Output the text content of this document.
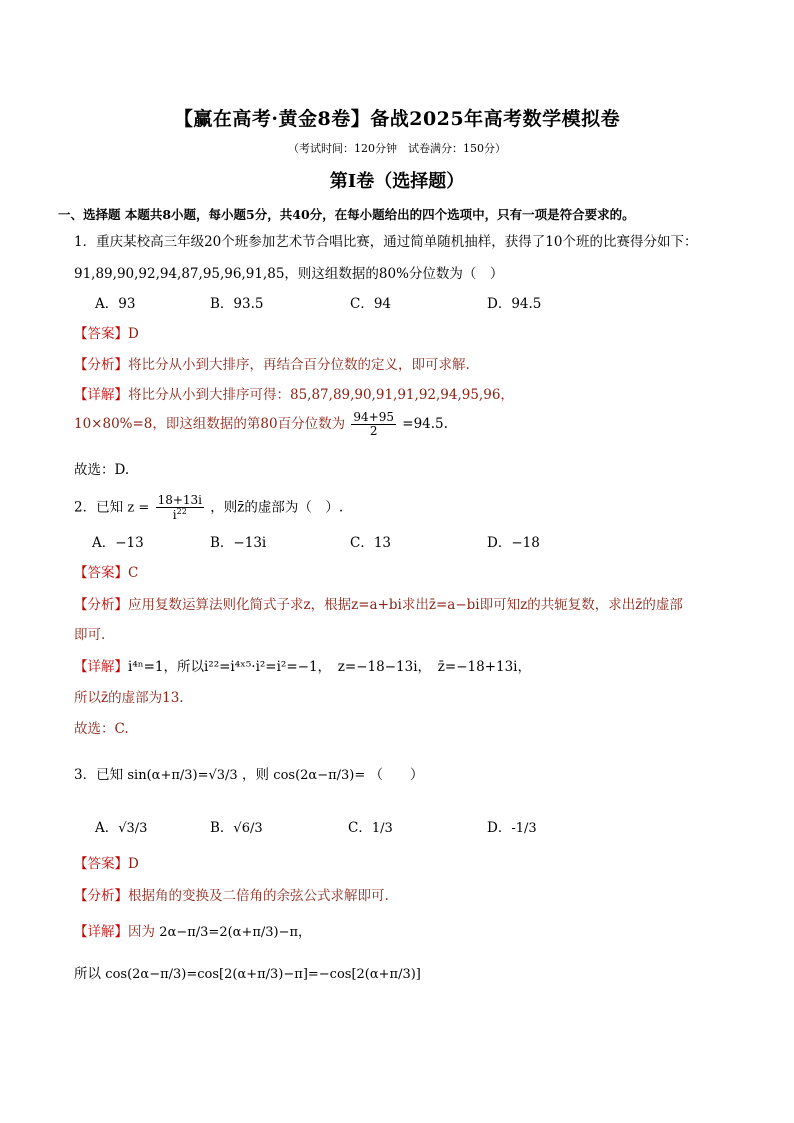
【赢在高考·黄金8卷】备战2025年高考数学模拟卷
（考试时间：120分钟　试卷满分：150分）
第I卷（选择题）
一、选择题 本题共8小题，每小题5分，共40分，在每小题给出的四个选项中，只有一项是符合要求的。
1．重庆某校高三年级20个班参加艺术节合唱比赛，通过简单随机抽样，获得了10个班的比赛得分如下：
91,89,90,92,94,87,95,96,91,85，则这组数据的80%分位数为（　）
A．93	B．93.5	C．94	D．94.5
【答案】D
【分析】将比分从小到大排序，再结合百分位数的定义，即可求解.
【详解】将比分从小到大排序可得：85,87,89,90,91,91,92,94,95,96，
10×80%=8，即这组数据的第80百分位数为 $\frac{94+95}{2} =94.5$.
故选：D.
2．已知 $z = \frac{18+13i}{i^{22}}$ ，则z̄的虚部为（　）.
A．−13	B．−13i	C．13	D．−18
【答案】C
【分析】应用复数运算法则化简式子求z，根据z=a+bi求出z̄=a−bi即可知z的共轭复数，求出z̄的虚部
即可.
【详解】i⁴ⁿ=1，所以i²²=i⁴ˣ⁵·i²=i²=−1，　z=−18−13i，　z̄=−18+13i，
所以z̄的虚部为13.
故选：C.
3．已知 sin(α+π/3)=√3/3 ，则 cos(2α−π/3)= （　　）
A．√3/3	B．√6/3	C．1/3	D．-1/3
【答案】D
【分析】根据角的变换及二倍角的余弦公式求解即可.
【详解】因为 2α−π/3=2(α+π/3)−π，
所以 cos(2α−π/3)=cos[2(α+π/3)−π]=−cos[2(α+π/3)]
